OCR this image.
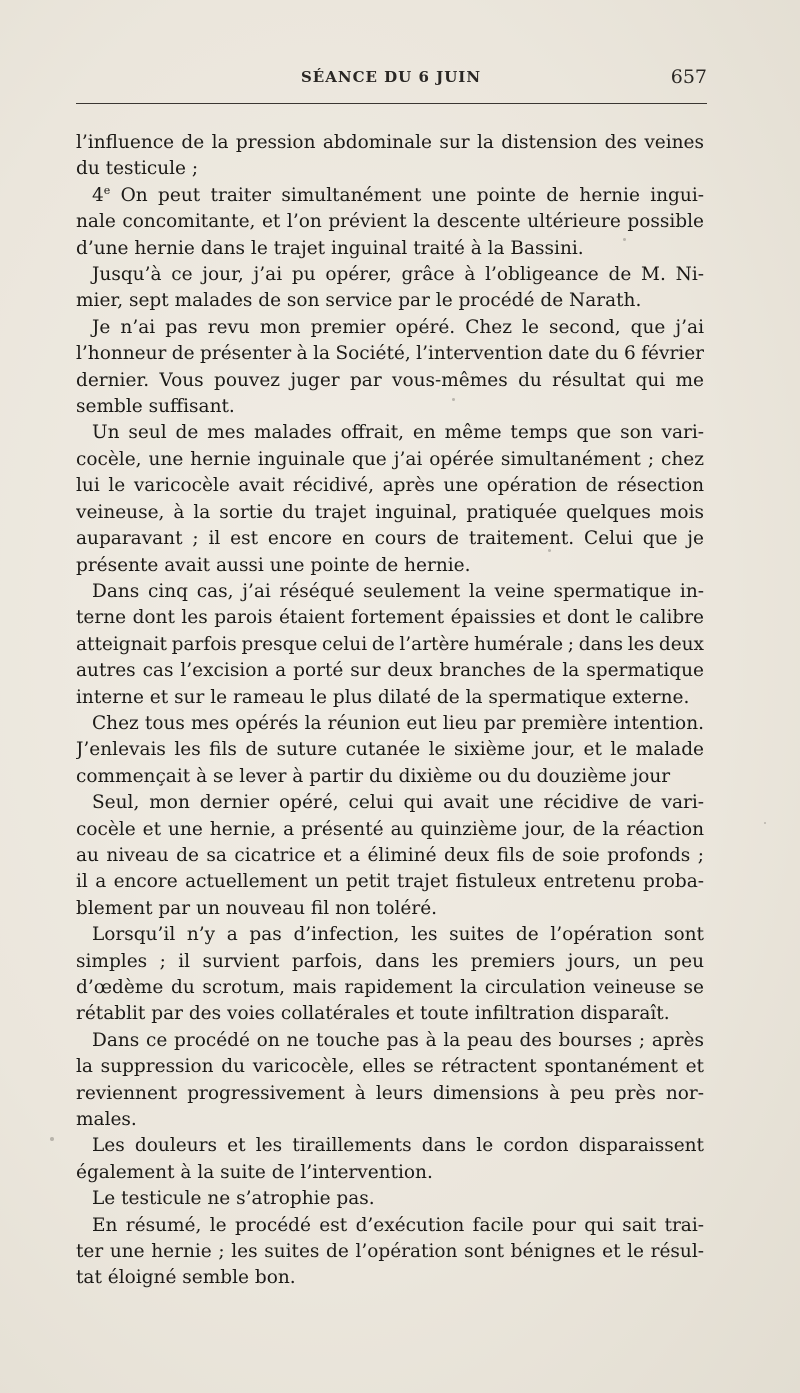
SÉANCE DU 6 JUIN	657
l’influence de la pression abdominale sur la distension des veines
du testicule ;
4e On peut traiter simultanément une pointe de hernie ingui-
nale concomitante, et l’on prévient la descente ultérieure possible
d’une hernie dans le trajet inguinal traité à la Bassini.
Jusqu’à ce jour, j’ai pu opérer, grâce à l’obligeance de M. Ni-
mier, sept malades de son service par le procédé de Narath.
Je n’ai pas revu mon premier opéré. Chez le second, que j’ai
l’honneur de présenter à la Société, l’intervention date du 6 février
dernier. Vous pouvez juger par vous-mêmes du résultat qui me
semble suffisant.
Un seul de mes malades offrait, en même temps que son vari-
cocèle, une hernie inguinale que j’ai opérée simultanément ; chez
lui le varicocèle avait récidivé, après une opération de résection
veineuse, à la sortie du trajet inguinal, pratiquée quelques mois
auparavant ; il est encore en cours de traitement. Celui que je
présente avait aussi une pointe de hernie.
Dans cinq cas, j’ai réséqué seulement la veine spermatique in-
terne dont les parois étaient fortement épaissies et dont le calibre
atteignait parfois presque celui de l’artère humérale ; dans les deux
autres cas l’excision a porté sur deux branches de la spermatique
interne et sur le rameau le plus dilaté de la spermatique externe.
Chez tous mes opérés la réunion eut lieu par première intention.
J’enlevais les fils de suture cutanée le sixième jour, et le malade
commençait à se lever à partir du dixième ou du douzième jour
Seul, mon dernier opéré, celui qui avait une récidive de vari-
cocèle et une hernie, a présenté au quinzième jour, de la réaction
au niveau de sa cicatrice et a éliminé deux fils de soie profonds ;
il a encore actuellement un petit trajet fistuleux entretenu proba-
blement par un nouveau fil non toléré.
Lorsqu’il n’y a pas d’infection, les suites de l’opération sont
simples ; il survient parfois, dans les premiers jours, un peu
d’œdème du scrotum, mais rapidement la circulation veineuse se
rétablit par des voies collatérales et toute infiltration disparaît.
Dans ce procédé on ne touche pas à la peau des bourses ; après
la suppression du varicocèle, elles se rétractent spontanément et
reviennent progressivement à leurs dimensions à peu près nor-
males.
Les douleurs et les tiraillements dans le cordon disparaissent
également à la suite de l’intervention.
Le testicule ne s’atrophie pas.
En résumé, le procédé est d’exécution facile pour qui sait trai-
ter une hernie ; les suites de l’opération sont bénignes et le résul-
tat éloigné semble bon.
